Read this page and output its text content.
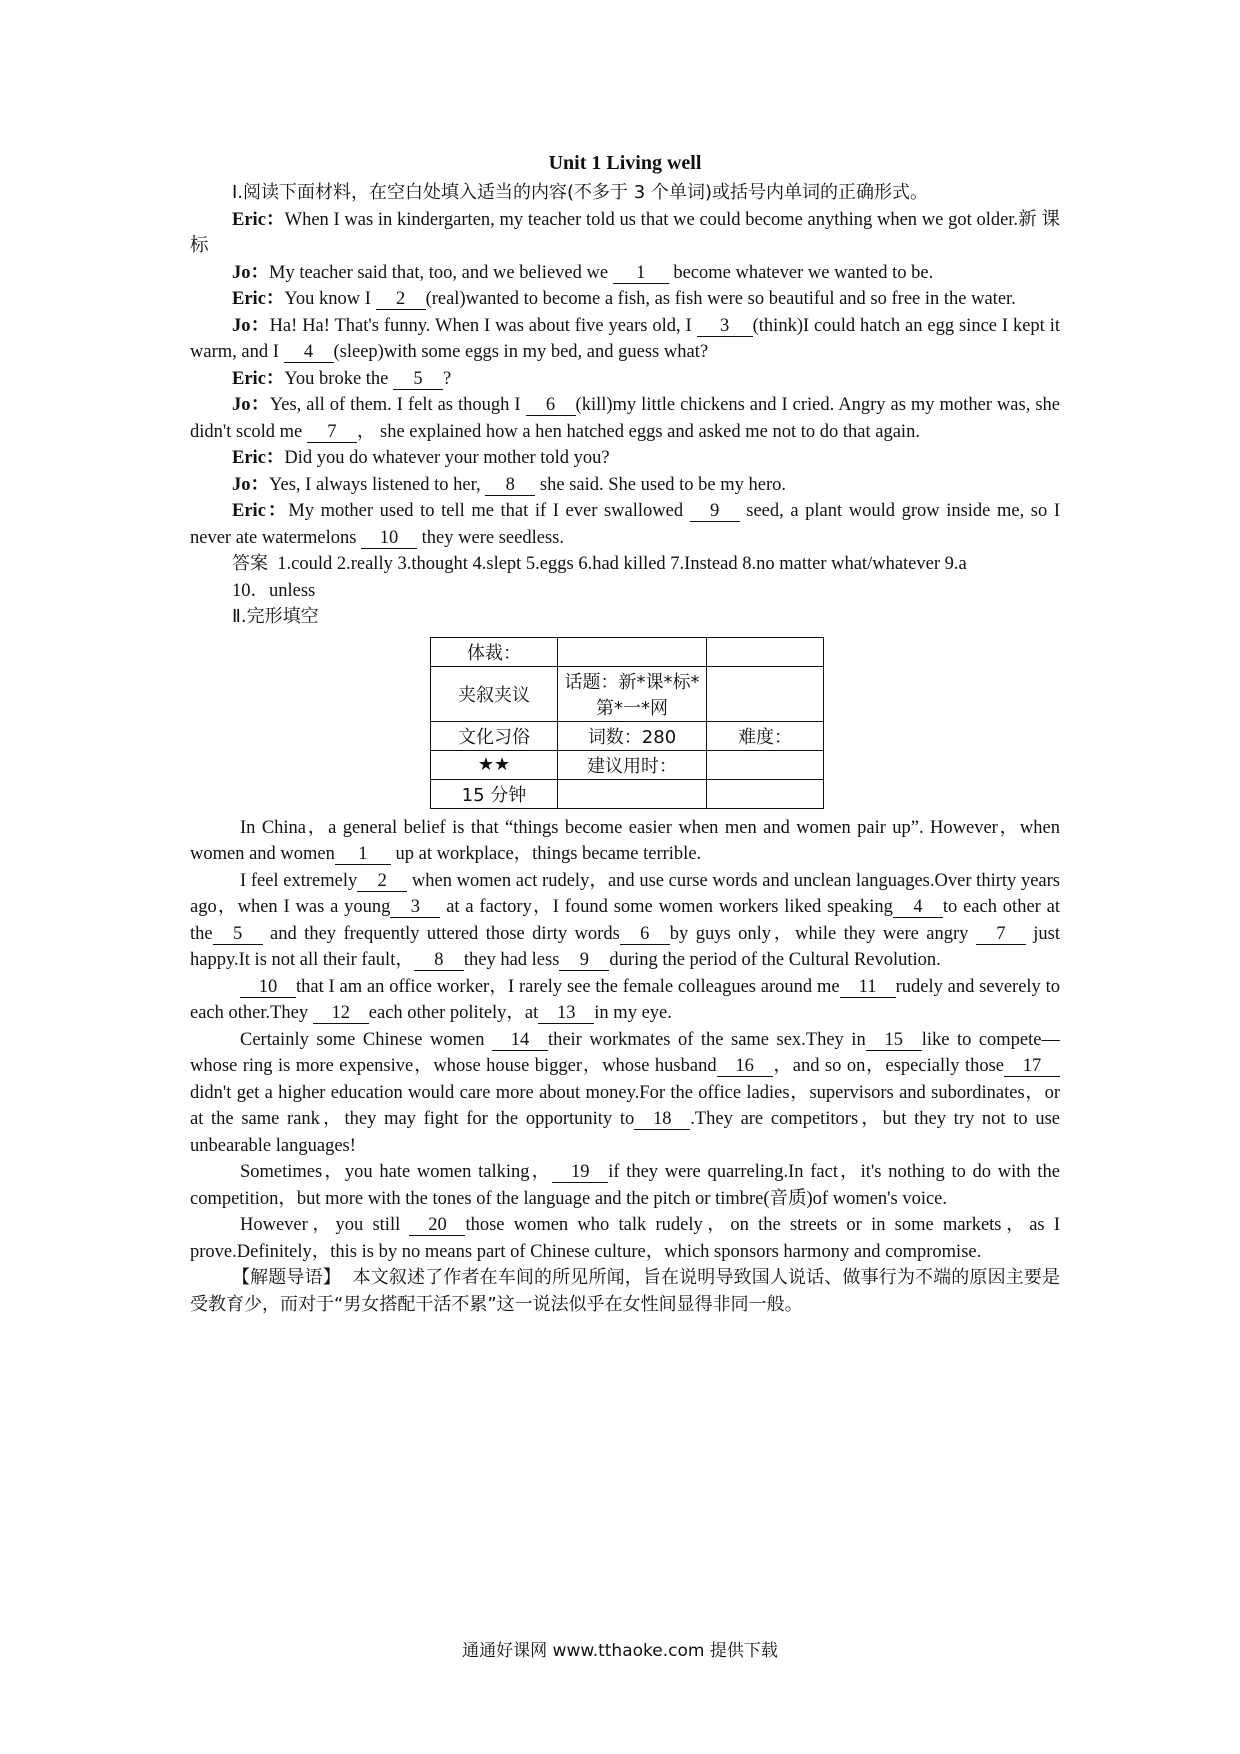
Unit 1 Living well

Ⅰ.阅读下面材料，在空白处填入适当的内容(不多于 3 个单词)或括号内单词的正确形式。

Eric：When I was in kindergarten, my teacher told us that we could become anything when we got older.新 课 标

Jo：My teacher said that, too, and we believed we 1 become whatever we wanted to be.

Eric：You know I 2 (real)wanted to become a fish, as fish were so beautiful and so free in the water.

Jo：Ha! Ha! That's funny. When I was about five years old, I 3 (think)I could hatch an egg since I kept it warm, and I 4 (sleep)with some eggs in my bed, and guess what?

Eric：You broke the 5 ?

Jo：Yes, all of them. I felt as though I 6 (kill)my little chickens and I cried. Angry as my mother was, she didn't scold me 7 ， she explained how a hen hatched eggs and asked me not to do that again.

Eric：Did you do whatever your mother told you?

Jo：Yes, I always listened to her, 8 she said. She used to be my hero.

Eric：My mother used to tell me that if I ever swallowed 9 seed, a plant would grow inside me, so I never ate watermelons 10 they were seedless.

答案 1.could 2.really 3.thought 4.slept 5.eggs 6.had killed 7.Instead 8.no matter what/whatever 9.a

10．unless

Ⅱ.完形填空

体裁：		
夹叙夹议	话题：新*课*标*第*一*网	
文化习俗	词数：280	难度：
★★	建议用时：	
15 分钟		

In China，a general belief is that “things become easier when men and women pair up”. However，when women and women 1 up at workplace，things became terrible.

I feel extremely 2 when women act rudely，and use curse words and unclean languages.Over thirty years ago，when I was a young 3 at a factory，I found some women workers liked speaking 4 to each other at the 5 and they frequently uttered those dirty words 6 by guys only，while they were angry 7 just happy.It is not all their fault， 8 they had less 9 during the period of the Cultural Revolution.

10 that I am an office worker，I rarely see the female colleagues around me 11 rudely and severely to each other.They 12 each other politely，at 13 in my eye.

Certainly some Chinese women 14 their workmates of the same sex.They in 15 like to compete—whose ring is more expensive，whose house bigger，whose husband 16 ，and so on，especially those 17 didn't get a higher education would care more about money.For the office ladies，supervisors and subordinates，or at the same rank，they may fight for the opportunity to 18 .They are competitors，but they try not to use unbearable languages!

Sometimes，you hate women talking， 19 if they were quarreling.In fact，it's nothing to do with the competition，but more with the tones of the language and the pitch or timbre(音质)of women's voice.

However，you still 20 those women who talk rudely，on the streets or in some markets，as I prove.Definitely，this is by no means part of Chinese culture，which sponsors harmony and compromise.

【解题导语】 本文叙述了作者在车间的所见所闻，旨在说明导致国人说话、做事行为不端的原因主要是受教育少，而对于“男女搭配干活不累”这一说法似乎在女性间显得非同一般。

通通好课网 www.tthaoke.com 提供下载
